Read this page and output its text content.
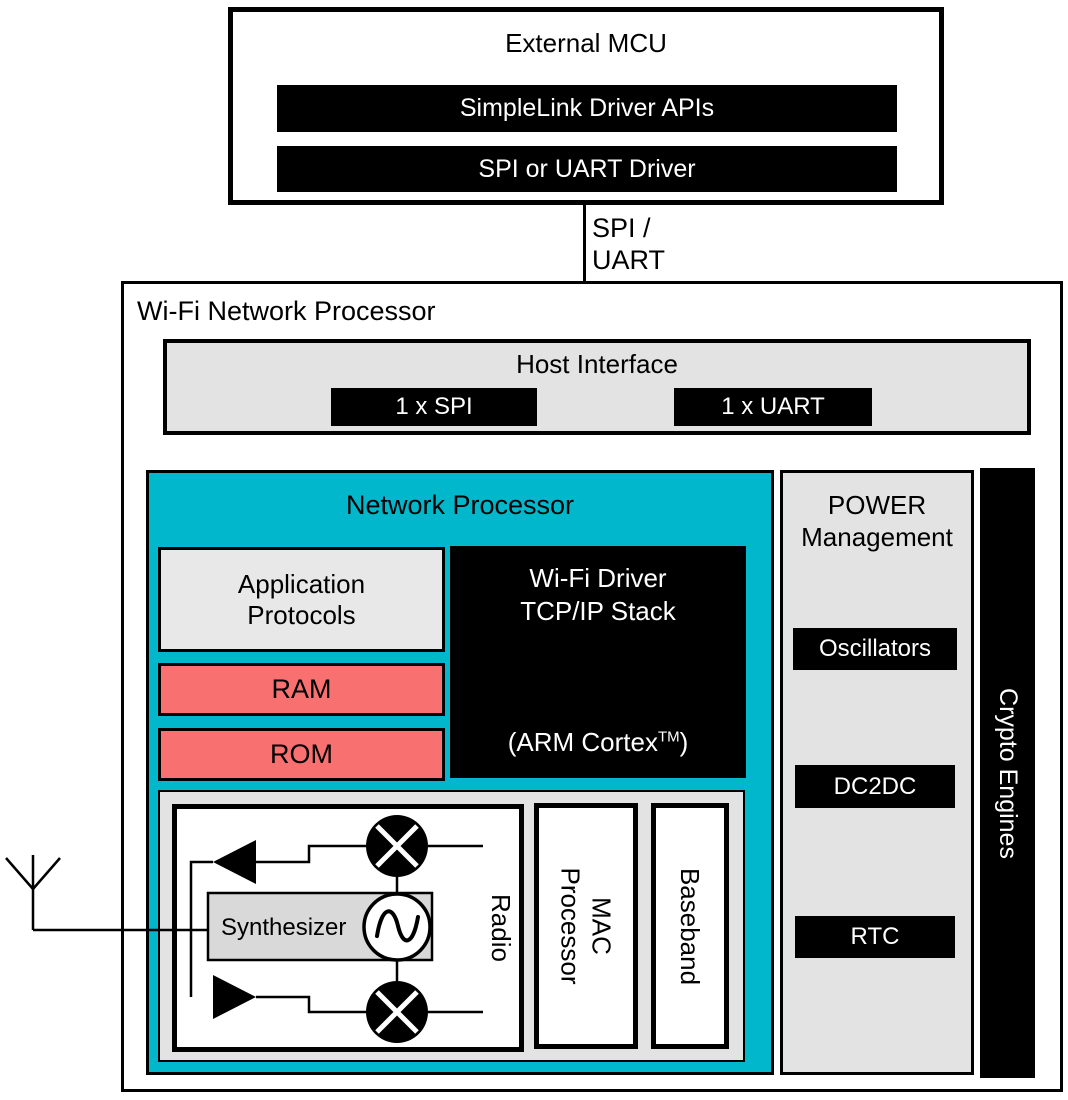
External MCU
SimpleLink Driver APIs
SPI or UART Driver
SPI /
UART
Wi-Fi Network Processor
Host Interface
1 x SPI	1 x UART
Network Processor
Application Protocols
Wi-Fi Driver
TCP/IP Stack
(ARM Cortex™)
RAM
ROM
Synthesizer	Radio	MAC Processor	Baseband
POWER Management
Oscillators
DC2DC
RTC
Crypto Engines
